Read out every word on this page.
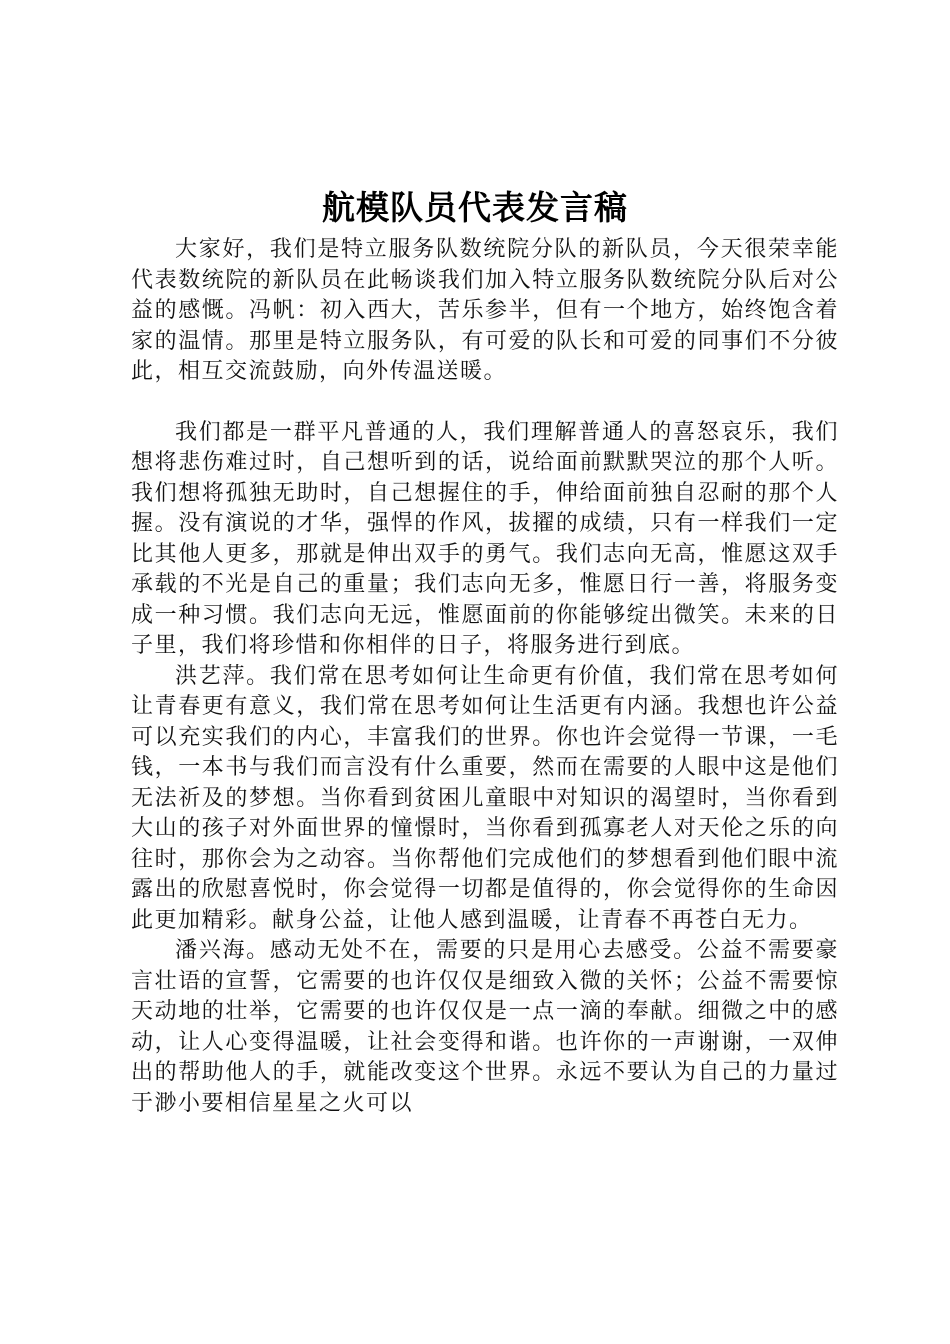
航模队员代表发言稿

大家好，我们是特立服务队数统院分队的新队员，今天很荣幸能代表数统院的新队员在此畅谈我们加入特立服务队数统院分队后对公益的感慨。冯帆：初入西大，苦乐参半，但有一个地方，始终饱含着家的温情。那里是特立服务队，有可爱的队长和可爱的同事们不分彼此，相互交流鼓励，向外传温送暖。

我们都是一群平凡普通的人，我们理解普通人的喜怒哀乐，我们想将悲伤难过时，自己想听到的话，说给面前默默哭泣的那个人听。我们想将孤独无助时，自己想握住的手，伸给面前独自忍耐的那个人握。没有演说的才华，强悍的作风，拔擢的成绩，只有一样我们一定比其他人更多，那就是伸出双手的勇气。我们志向无高，惟愿这双手承载的不光是自己的重量；我们志向无多，惟愿日行一善，将服务变成一种习惯。我们志向无远，惟愿面前的你能够绽出微笑。未来的日子里，我们将珍惜和你相伴的日子，将服务进行到底。

洪艺萍。我们常在思考如何让生命更有价值，我们常在思考如何让青春更有意义，我们常在思考如何让生活更有内涵。我想也许公益可以充实我们的内心，丰富我们的世界。你也许会觉得一节课，一毛钱，一本书与我们而言没有什么重要，然而在需要的人眼中这是他们无法祈及的梦想。当你看到贫困儿童眼中对知识的渴望时，当你看到大山的孩子对外面世界的憧憬时，当你看到孤寡老人对天伦之乐的向往时，那你会为之动容。当你帮他们完成他们的梦想看到他们眼中流露出的欣慰喜悦时，你会觉得一切都是值得的，你会觉得你的生命因此更加精彩。献身公益，让他人感到温暖，让青春不再苍白无力。

潘兴海。感动无处不在，需要的只是用心去感受。公益不需要豪言壮语的宣誓，它需要的也许仅仅是细致入微的关怀；公益不需要惊天动地的壮举，它需要的也许仅仅是一点一滴的奉献。细微之中的感动，让人心变得温暖，让社会变得和谐。也许你的一声谢谢，一双伸出的帮助他人的手，就能改变这个世界。永远不要认为自己的力量过于渺小要相信星星之火可以
